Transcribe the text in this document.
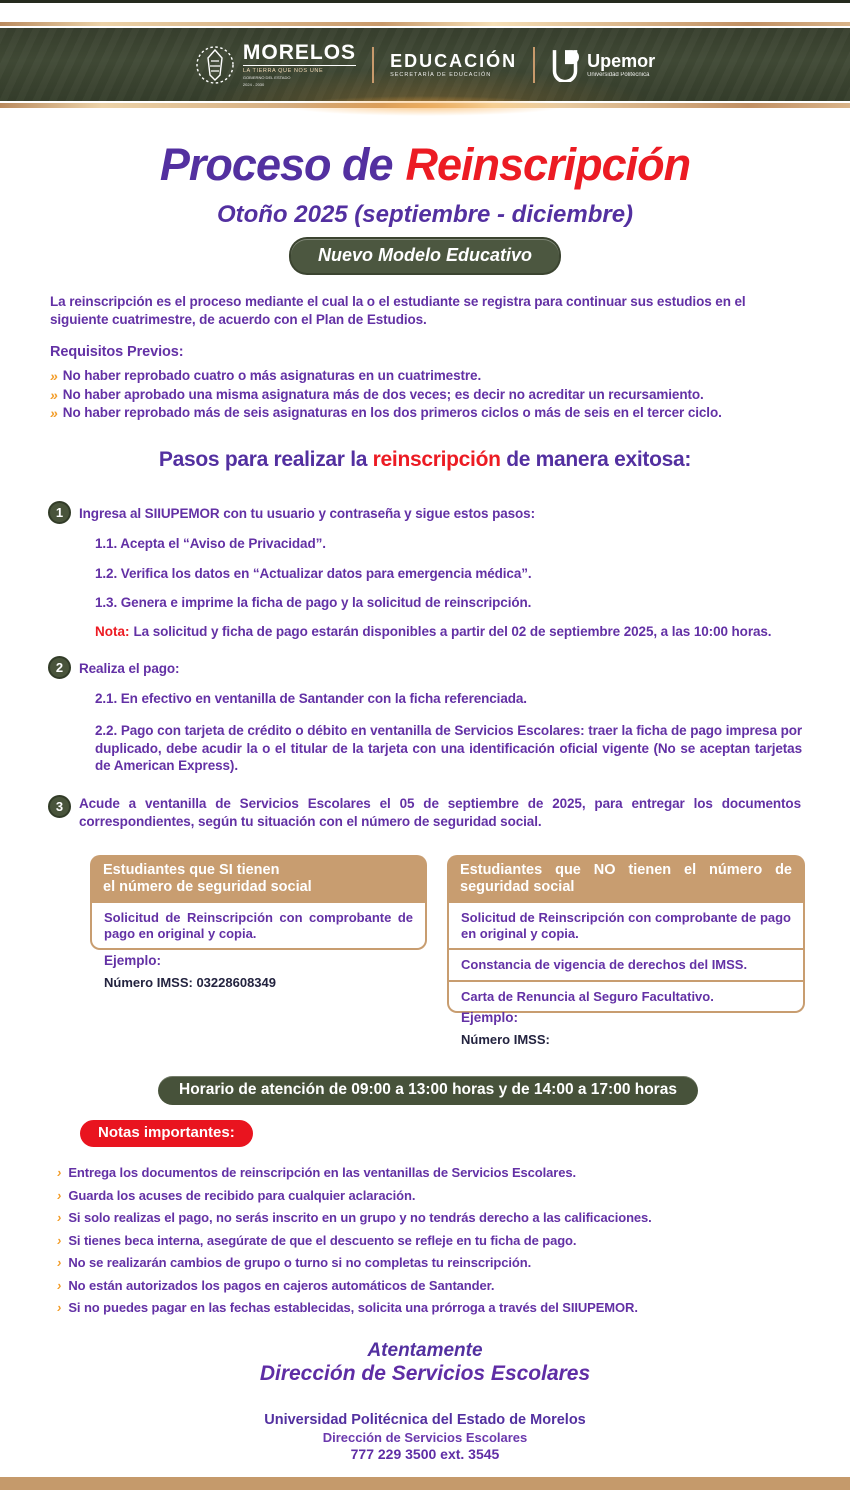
MORELOS
LA TIERRA QUE NOS UNE
GOBIERNO DEL ESTADO
2024 - 2030
EDUCACIÓN
SECRETARÍA DE EDUCACIÓN
Upemor
Universidad Politécnica
Proceso de Reinscripción
Otoño 2025 (septiembre - diciembre)
Nuevo Modelo Educativo
La reinscripción es el proceso mediante el cual la o el estudiante se registra para continuar sus estudios en el siguiente cuatrimestre, de acuerdo con el Plan de Estudios.
Requisitos Previos:
» No haber reprobado cuatro o más asignaturas en un cuatrimestre.
» No haber aprobado una misma asignatura más de dos veces; es decir no acreditar un recursamiento.
» No haber reprobado más de seis asignaturas en los dos primeros ciclos o más de seis en el tercer ciclo.
Pasos para realizar la reinscripción de manera exitosa:
1	Ingresa al SIIUPEMOR con tu usuario y contraseña y sigue estos pasos:
1.1. Acepta el “Aviso de Privacidad”.
1.2. Verifica los datos en “Actualizar datos para emergencia médica”.
1.3. Genera e imprime la ficha de pago y la solicitud de reinscripción.
Nota: La solicitud y ficha de pago estarán disponibles a partir del 02 de septiembre 2025, a las 10:00 horas.
2	Realiza el pago:
2.1. En efectivo en ventanilla de Santander con la ficha referenciada.
2.2. Pago con tarjeta de crédito o débito en ventanilla de Servicios Escolares: traer la ficha de pago impresa por duplicado, debe acudir la o el titular de la tarjeta con una identificación oficial vigente (No se aceptan tarjetas de American Express).
3	Acude a ventanilla de Servicios Escolares el 05 de septiembre de 2025, para entregar los documentos correspondientes, según tu situación con el número de seguridad social.
Estudiantes que SI tienen
el número de seguridad social
Solicitud de Reinscripción con comprobante de pago en original y copia.
Ejemplo:
Número IMSS: 03228608349
Estudiantes que NO tienen el número de seguridad social
Solicitud de Reinscripción con comprobante de pago en original y copia.
Constancia de vigencia de derechos del IMSS.
Carta de Renuncia al Seguro Facultativo.
Ejemplo:
Número IMSS:
Horario de atención de 09:00 a 13:00 horas y de 14:00 a 17:00 horas
Notas importantes:
› Entrega los documentos de reinscripción en las ventanillas de Servicios Escolares.
› Guarda los acuses de recibido para cualquier aclaración.
› Si solo realizas el pago, no serás inscrito en un grupo y no tendrás derecho a las calificaciones.
› Si tienes beca interna, asegúrate de que el descuento se refleje en tu ficha de pago.
› No se realizarán cambios de grupo o turno si no completas tu reinscripción.
› No están autorizados los pagos en cajeros automáticos de Santander.
› Si no puedes pagar en las fechas establecidas, solicita una prórroga a través del SIIUPEMOR.
Atentamente
Dirección de Servicios Escolares
Universidad Politécnica del Estado de Morelos
Dirección de Servicios Escolares
777 229 3500 ext. 3545
